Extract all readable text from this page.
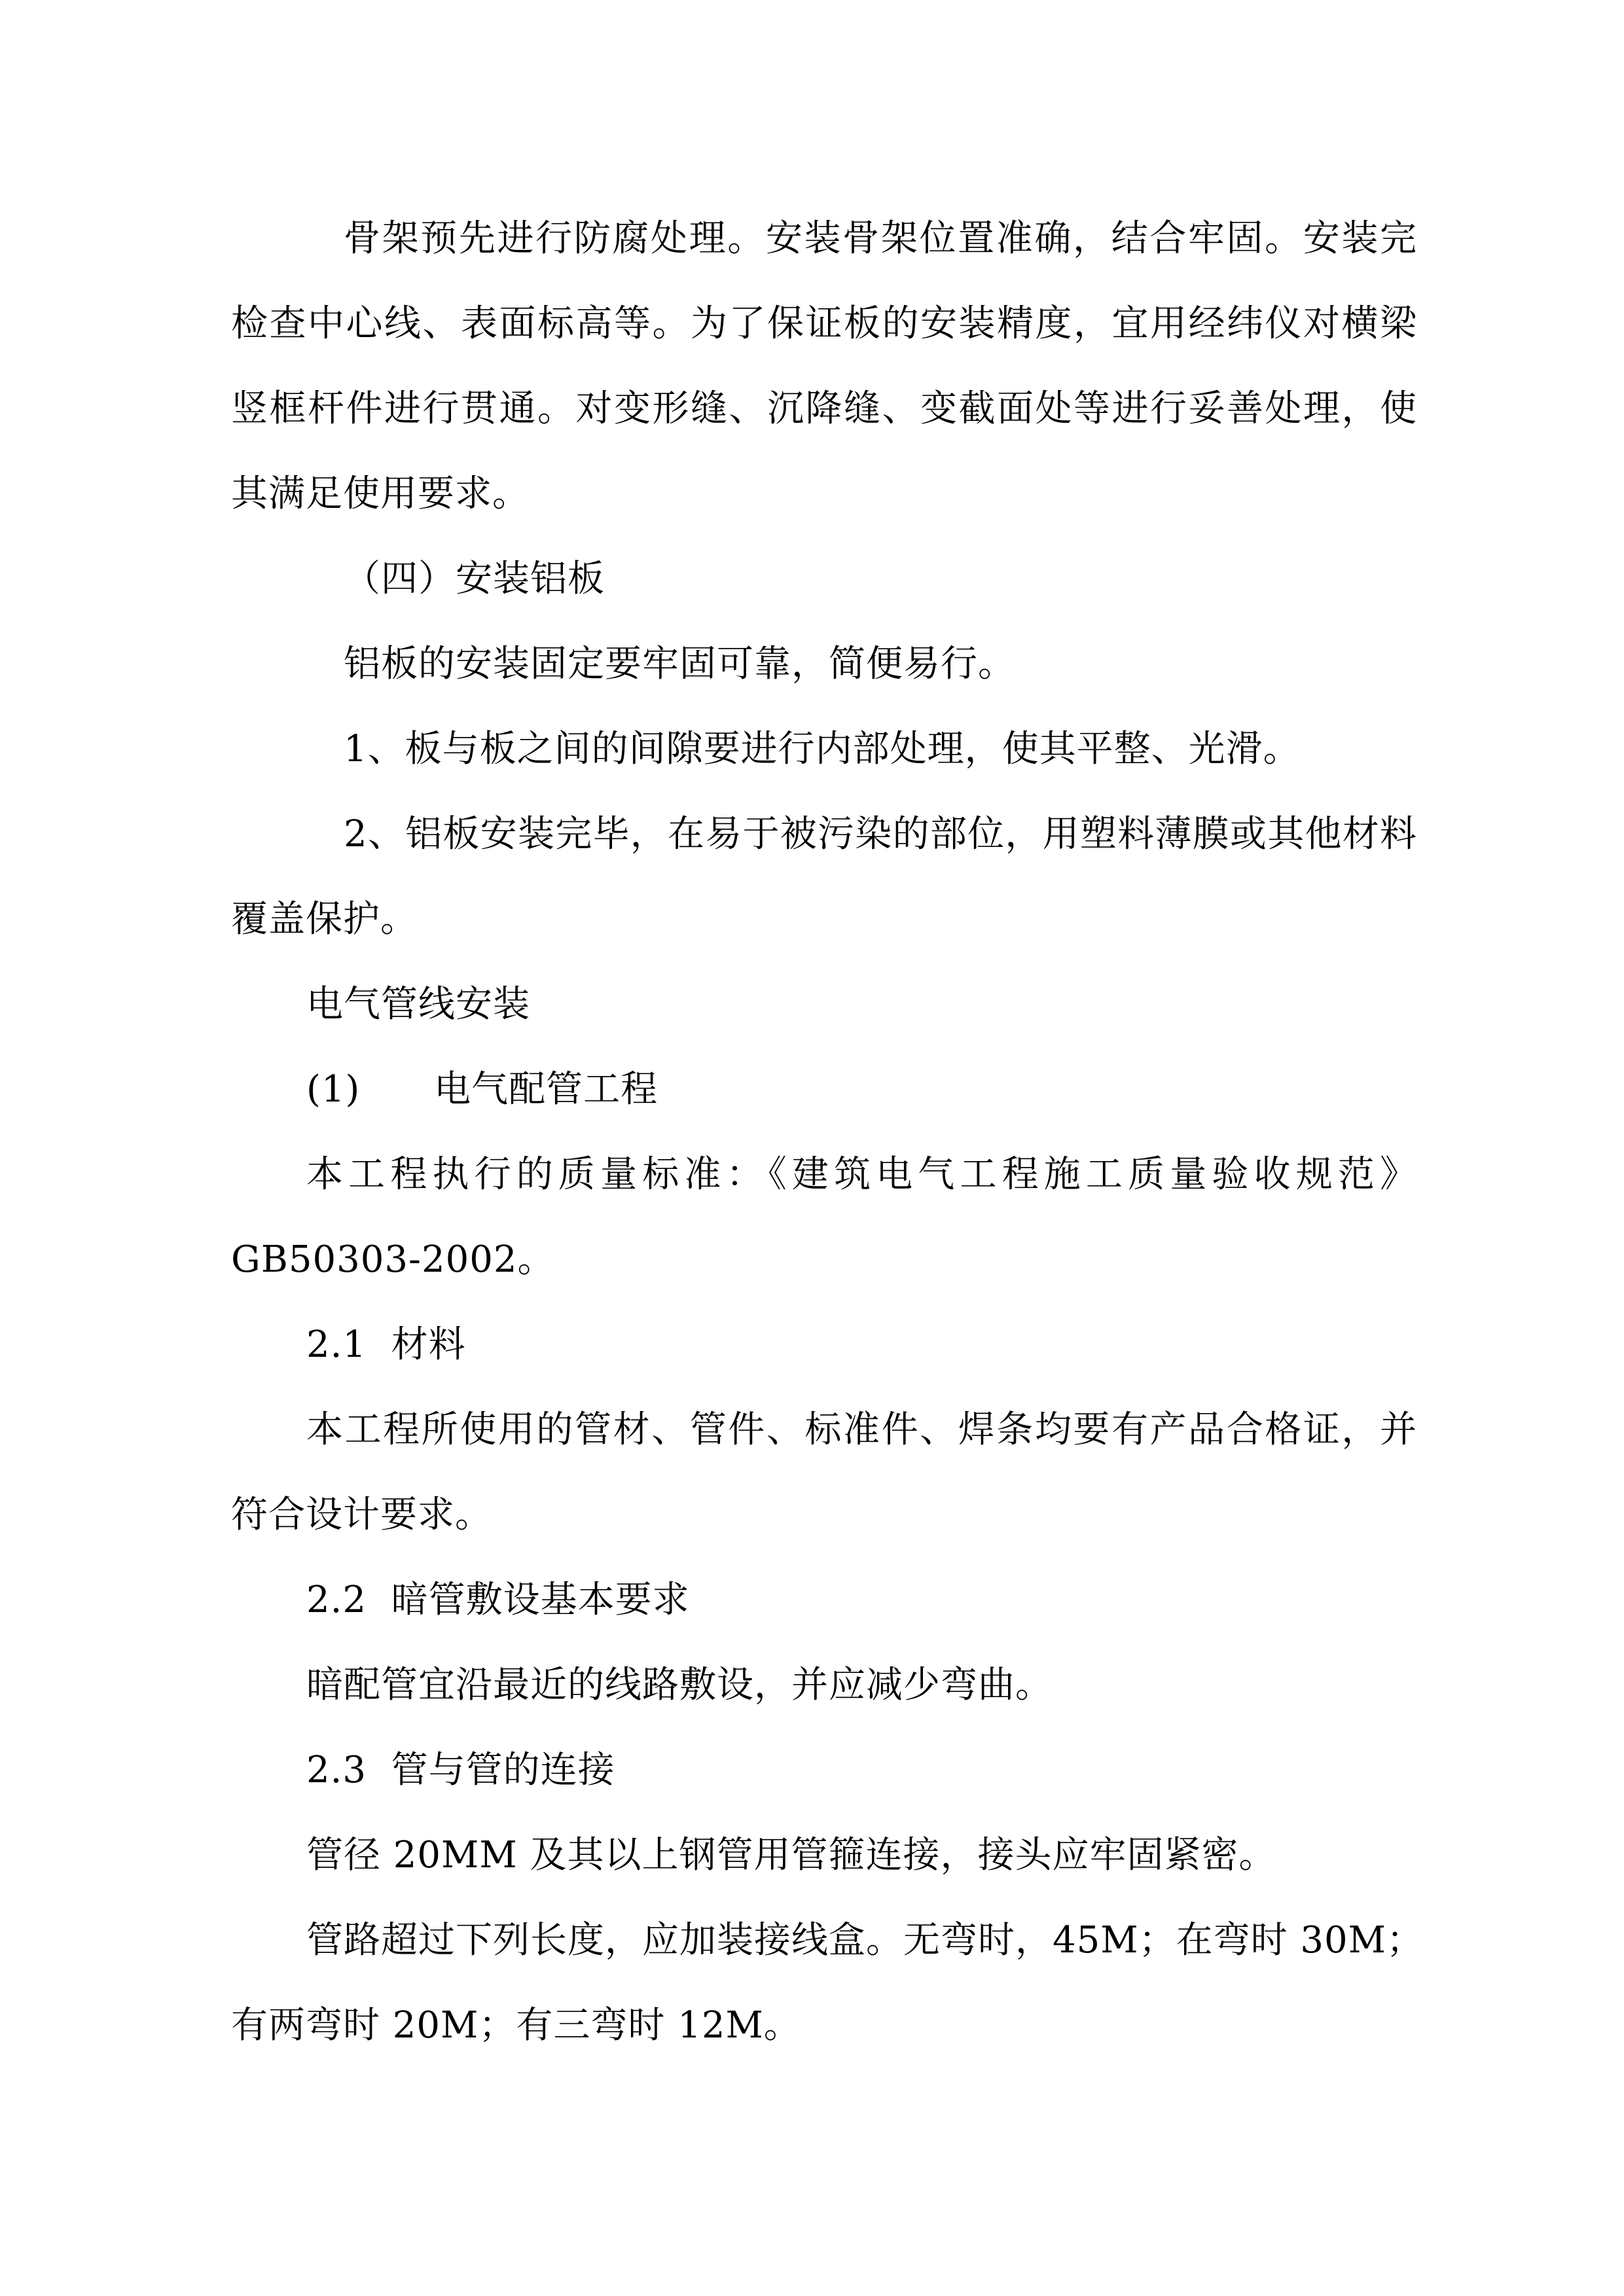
骨架预先进行防腐处理。安装骨架位置准确，结合牢固。安装完
检查中心线、表面标高等。为了保证板的安装精度，宜用经纬仪对横梁
竖框杆件进行贯通。对变形缝、沉降缝、变截面处等进行妥善处理，使
其满足使用要求。
（四）安装铝板
铝板的安装固定要牢固可靠，简便易行。
1、板与板之间的间隙要进行内部处理，使其平整、光滑。
2、铝板安装完毕，在易于被污染的部位，用塑料薄膜或其他材料
覆盖保护。
电气管线安装
(1)      电气配管工程
本工程执行的质量标准：《建筑电气工程施工质量验收规范》
GB50303-2002。
2.1  材料
本工程所使用的管材、管件、标准件、焊条均要有产品合格证，并
符合设计要求。
2.2  暗管敷设基本要求
暗配管宜沿最近的线路敷设，并应减少弯曲。
2.3  管与管的连接
管径 20MM 及其以上钢管用管箍连接，接头应牢固紧密。
管路超过下列长度，应加装接线盒。无弯时，45M；在弯时 30M；
有两弯时 20M；有三弯时 12M。
